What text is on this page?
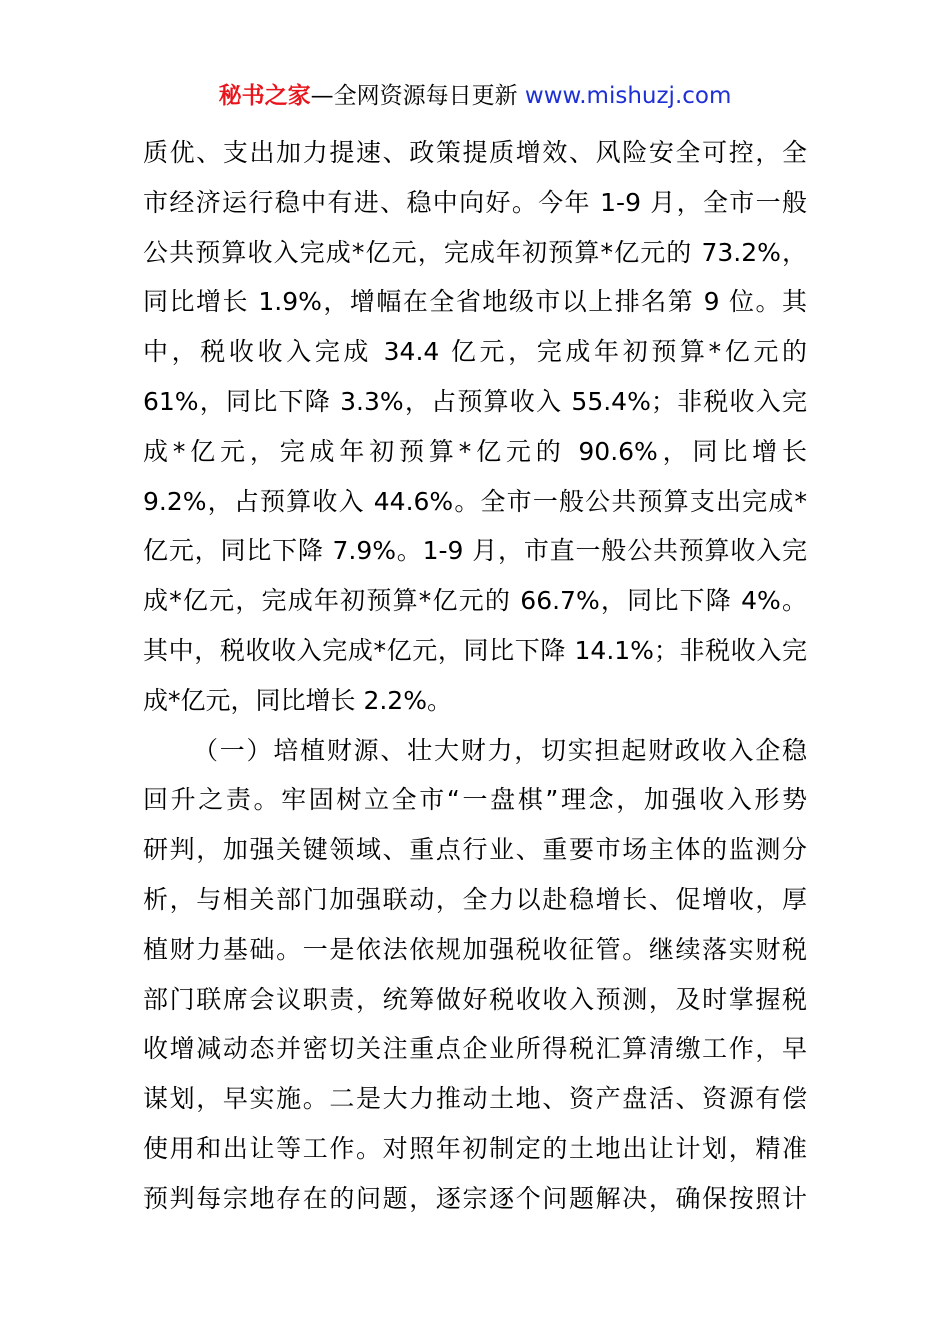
秘书之家—全网资源每日更新 www.mishuzj.com
质优、支出加力提速、政策提质增效、风险安全可控，全
市经济运行稳中有进、稳中向好。今年 1-9 月，全市一般
公共预算收入完成*亿元，完成年初预算*亿元的 73.2%，
同比增长 1.9%，增幅在全省地级市以上排名第 9 位。其
中，税收收入完成 34.4 亿元，完成年初预算*亿元的
61%，同比下降 3.3%，占预算收入 55.4%；非税收入完
成*亿元，完成年初预算*亿元的 90.6%，同比增长
9.2%，占预算收入 44.6%。全市一般公共预算支出完成*
亿元，同比下降 7.9%。1-9 月，市直一般公共预算收入完
成*亿元，完成年初预算*亿元的 66.7%，同比下降 4%。
其中，税收收入完成*亿元，同比下降 14.1%；非税收入完
成*亿元，同比增长 2.2%。
（一）培植财源、壮大财力，切实担起财政收入企稳
回升之责。牢固树立全市“一盘棋”理念，加强收入形势
研判，加强关键领域、重点行业、重要市场主体的监测分
析，与相关部门加强联动，全力以赴稳增长、促增收，厚
植财力基础。一是依法依规加强税收征管。继续落实财税
部门联席会议职责，统筹做好税收收入预测，及时掌握税
收增减动态并密切关注重点企业所得税汇算清缴工作，早
谋划，早实施。二是大力推动土地、资产盘活、资源有偿
使用和出让等工作。对照年初制定的土地出让计划，精准
预判每宗地存在的问题，逐宗逐个问题解决，确保按照计
